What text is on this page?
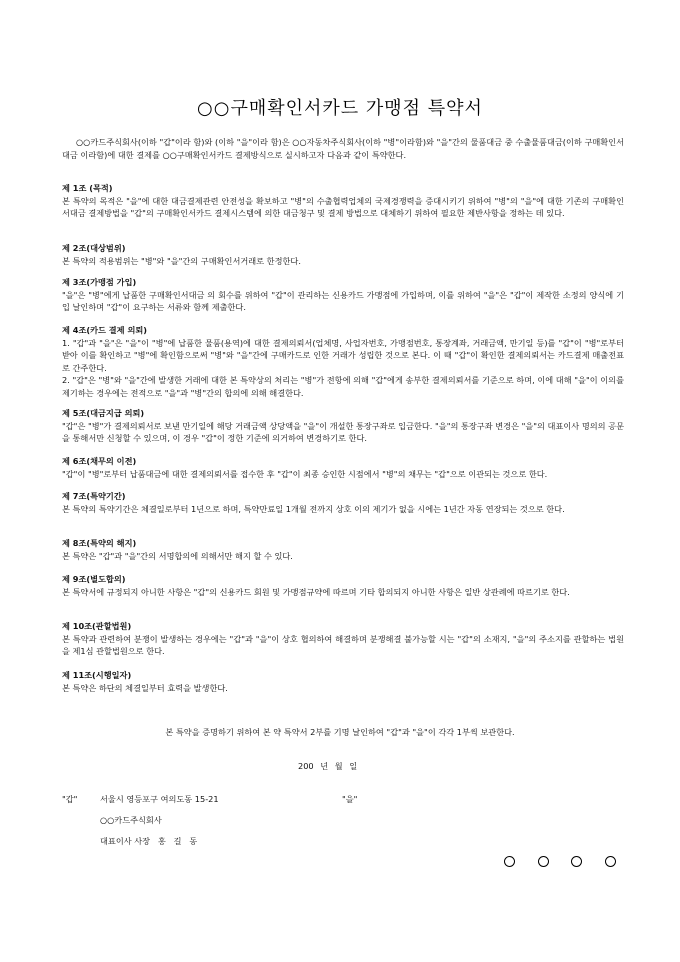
○○구매확인서카드 가맹점 특약서
○○카드주식회사(이하 "갑"이라 함)와 (이하 "을"이라 함)은 ○○자동차주식회사(이하 "병"이라함)와 "을"간의 물품대금 중 수출물품대금(이하 구매확인서대금 이라함)에 대한 결제를 ○○구매확인서카드 결제방식으로 실시하고자 다음과 같이 특약한다.
제 1조 (목적)
본 특약의 목적은 "을"에 대한 대금결제관련 안전성을 확보하고 "병"의 수출협력업체의 국제경쟁력을 증대시키기 위하여 "병"의 "을"에 대한 기존의 구매확인서대금 결제방법을 "갑"의 구매확인서카드 결제시스템에 의한 대금청구 및 결제 방법으로 대체하기 위하여 필요한 제반사항을 정하는 데 있다.
제 2조(대상범위)
본 특약의 적용범위는 "병"와 "을"간의 구매확인서거래로 한정한다.
제 3조(가맹점 가입)
"을"은 "병"에게 납품한 구매확인서대금 의 회수를 위하여 "갑"이 관리하는 신용카드 가맹점에 가입하며, 이를 위하여 "을"은 "갑"이 제작한 소정의 양식에 기입 날인하며 "갑"이 요구하는 서류와 함께 제출한다.
제 4조(카드 결제 의뢰)
1. "갑"과 "을"은 "을"이 "병"에 납품한 물품(용역)에 대한 결제의뢰서(업체명, 사업자번호, 가맹점번호, 통장계좌, 거래금액, 만기일 등)를 "갑"이 "병"로부터 받아 이를 확인하고 "병"에 확인함으로써 "병"와 "을"간에 구매카드로 인한 거래가 성립한 것으로 본다. 이 때 "갑"이 확인한 결제의뢰서는 카드결제 매출전표로 간주한다.
2. "갑"은 "병"와 "을"간에 발생한 거래에 대한 본 특약상의 처리는 "병"가 전항에 의해 "갑"에게 송부한 결제의뢰서를 기준으로 하며, 이에 대해 "을"이 이의를 제기하는 경우에는 전적으로 "을"과 "병"간의 합의에 의해 해결한다.
제 5조(대금지급 의뢰)
"갑"은 "병"가 결제의뢰서로 보낸 만기일에 해당 거래금액 상당액을 "을"이 개설한 통장구좌로 입금한다. "을"의 통장구좌 변경은 "을"의 대표이사 명의의 공문을 통해서만 신청할 수 있으며, 이 경우 "갑"이 정한 기준에 의거하여 변경하기로 한다.
제 6조(채무의 이전)
"갑"이 "병"로부터 납품대금에 대한 결제의뢰서를 접수한 후 "갑"이 최종 승인한 시점에서 "병"의 채무는 "갑"으로 이관되는 것으로 한다.
제 7조(특약기간)
본 특약의 특약기간은 체결일로부터 1년으로 하며, 특약만료일 1개월 전까지 상호 이의 제기가 없을 시에는 1년간 자동 연장되는 것으로 한다.
제 8조(특약의 해지)
본 특약은 "갑"과 "을"간의 서명합의에 의해서만 해지 할 수 있다.
제 9조(별도합의)
본 특약서에 규정되지 아니한 사항은 "갑"의 신용카드 회원 및 가맹점규약에 따르며 기타 합의되지 아니한 사항은 일반 상관례에 따르기로 한다.
제 10조(관할법원)
본 특약과 관련하여 분쟁이 발생하는 경우에는 "갑"과 "을"이 상호 협의하여 해결하며 분쟁해결 불가능할 시는 "갑"의 소재지, "을"의 주소지를 관할하는 법원을 제1심 관할법원으로 한다.
제 11조(시행일자)
본 특약은 하단의 체결일부터 효력을 발생한다.
본 특약을 증명하기 위하여 본 약 특약서 2부를 기명 날인하여 "갑"과 "을"이 각각 1부씩 보관한다.
200 년 월 일
"갑"	서울시 영등포구 여의도동 15-21
○○카드주식회사
대표이사 사장   홍   길   동
"을"
